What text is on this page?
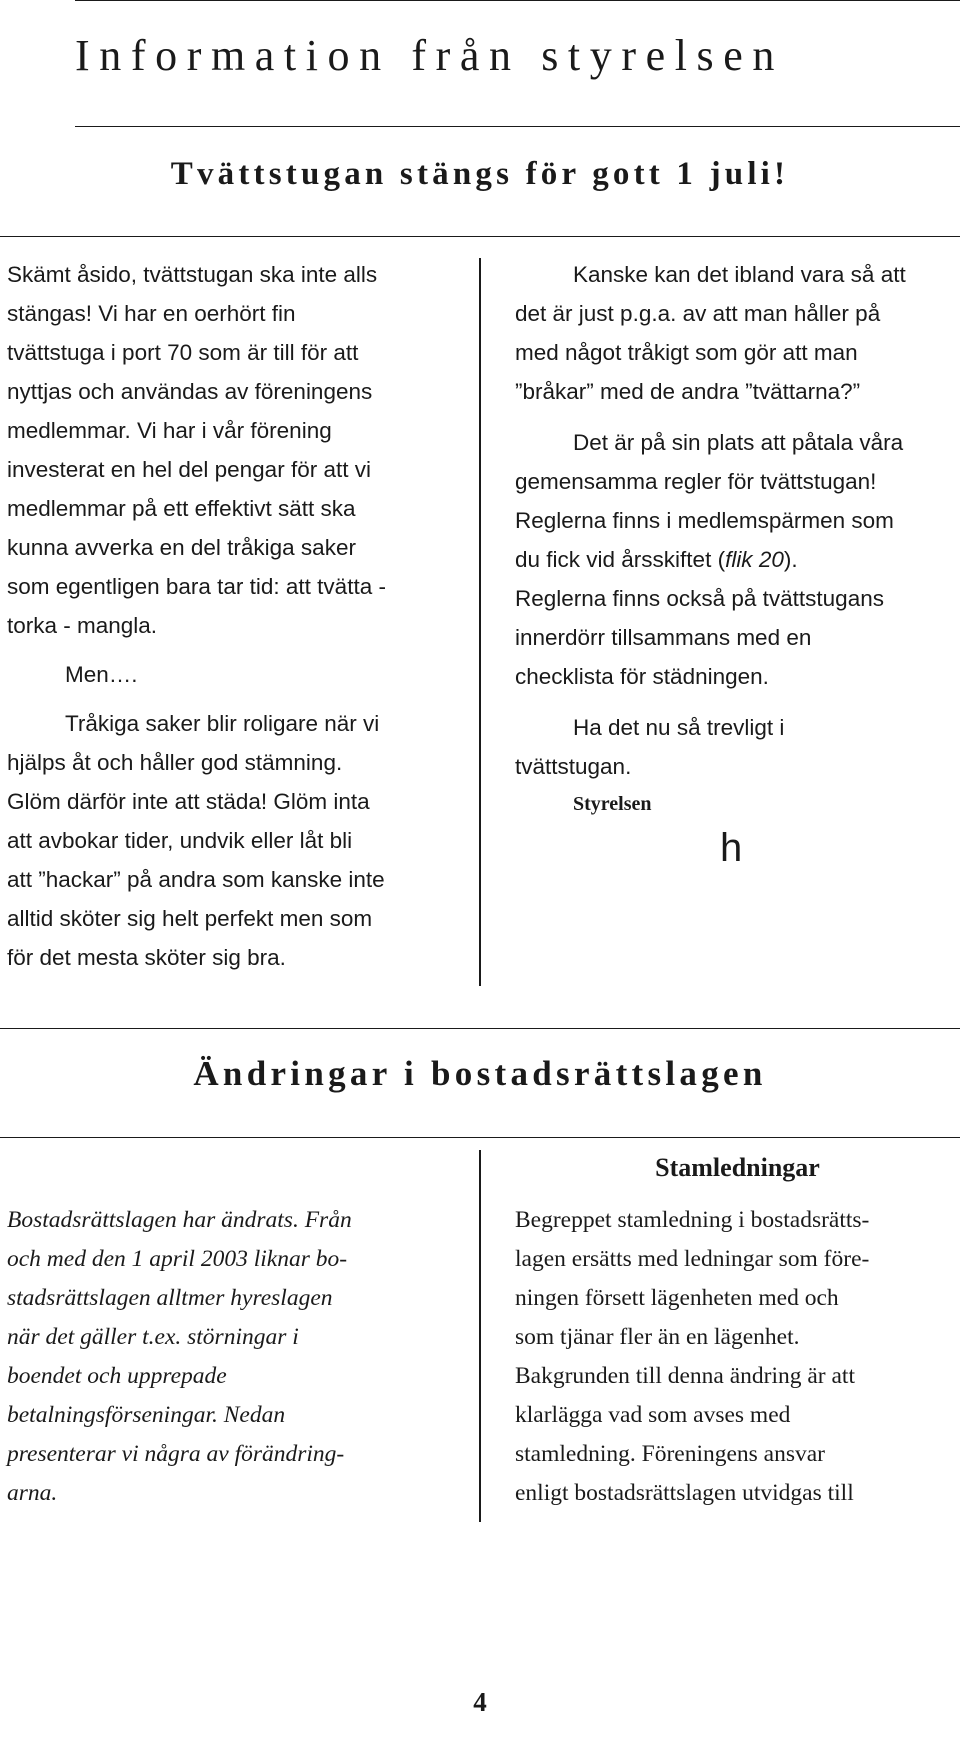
Information från styrelsen
Tvättstugan stängs för gott 1 juli!

Skämt åsido, tvättstugan ska inte alls

stängas! Vi har en oerhört fin

tvättstuga i port 70 som är till för att

nyttjas och användas av föreningens

medlemmar. Vi har i vår förening

investerat en hel del pengar för att vi

medlemmar på ett effektivt sätt ska

kunna avverka en del tråkiga saker

som egentligen bara tar tid: att tvätta -

torka - mangla.

Men….

Tråkiga saker blir roligare när vi

hjälps åt och håller god stämning.

Glöm därför inte att städa! Glöm inta

att avbokar tider, undvik eller låt bli

att ”hackar” på andra som kanske inte

alltid sköter sig helt perfekt men som

för det mesta sköter sig bra.

Kanske kan det ibland vara så att

det är just p.g.a. av att man håller på

med något tråkigt som gör att man

”bråkar” med de andra ”tvättarna?”

Det är på sin plats att påtala våra

gemensamma regler för tvättstugan!

Reglerna finns i medlemspärmen som

du fick vid årsskiftet (flik 20).

Reglerna finns också på tvättstugans

innerdörr tillsammans med en

checklista för städningen.

Ha det nu så trevligt i

tvättstugan.

Styrelsen
h
Ändringar i bostadsrättslagen

Bostadsrättslagen har ändrats. Från

och med den 1 april 2003 liknar bo-

stadsrättslagen alltmer hyreslagen

när det gäller t.ex. störningar i

boendet och upprepade

betalningsförseningar. Nedan

presenterar vi några av förändring-

arna.

Stamledningar

Begreppet stamledning i bostadsrätts-

lagen ersätts med ledningar som före-

ningen försett lägenheten med och

som tjänar fler än en lägenhet.

Bakgrunden till denna ändring är att

klarlägga vad som avses med

stamledning. Föreningens ansvar

enligt bostadsrättslagen utvidgas till

4
